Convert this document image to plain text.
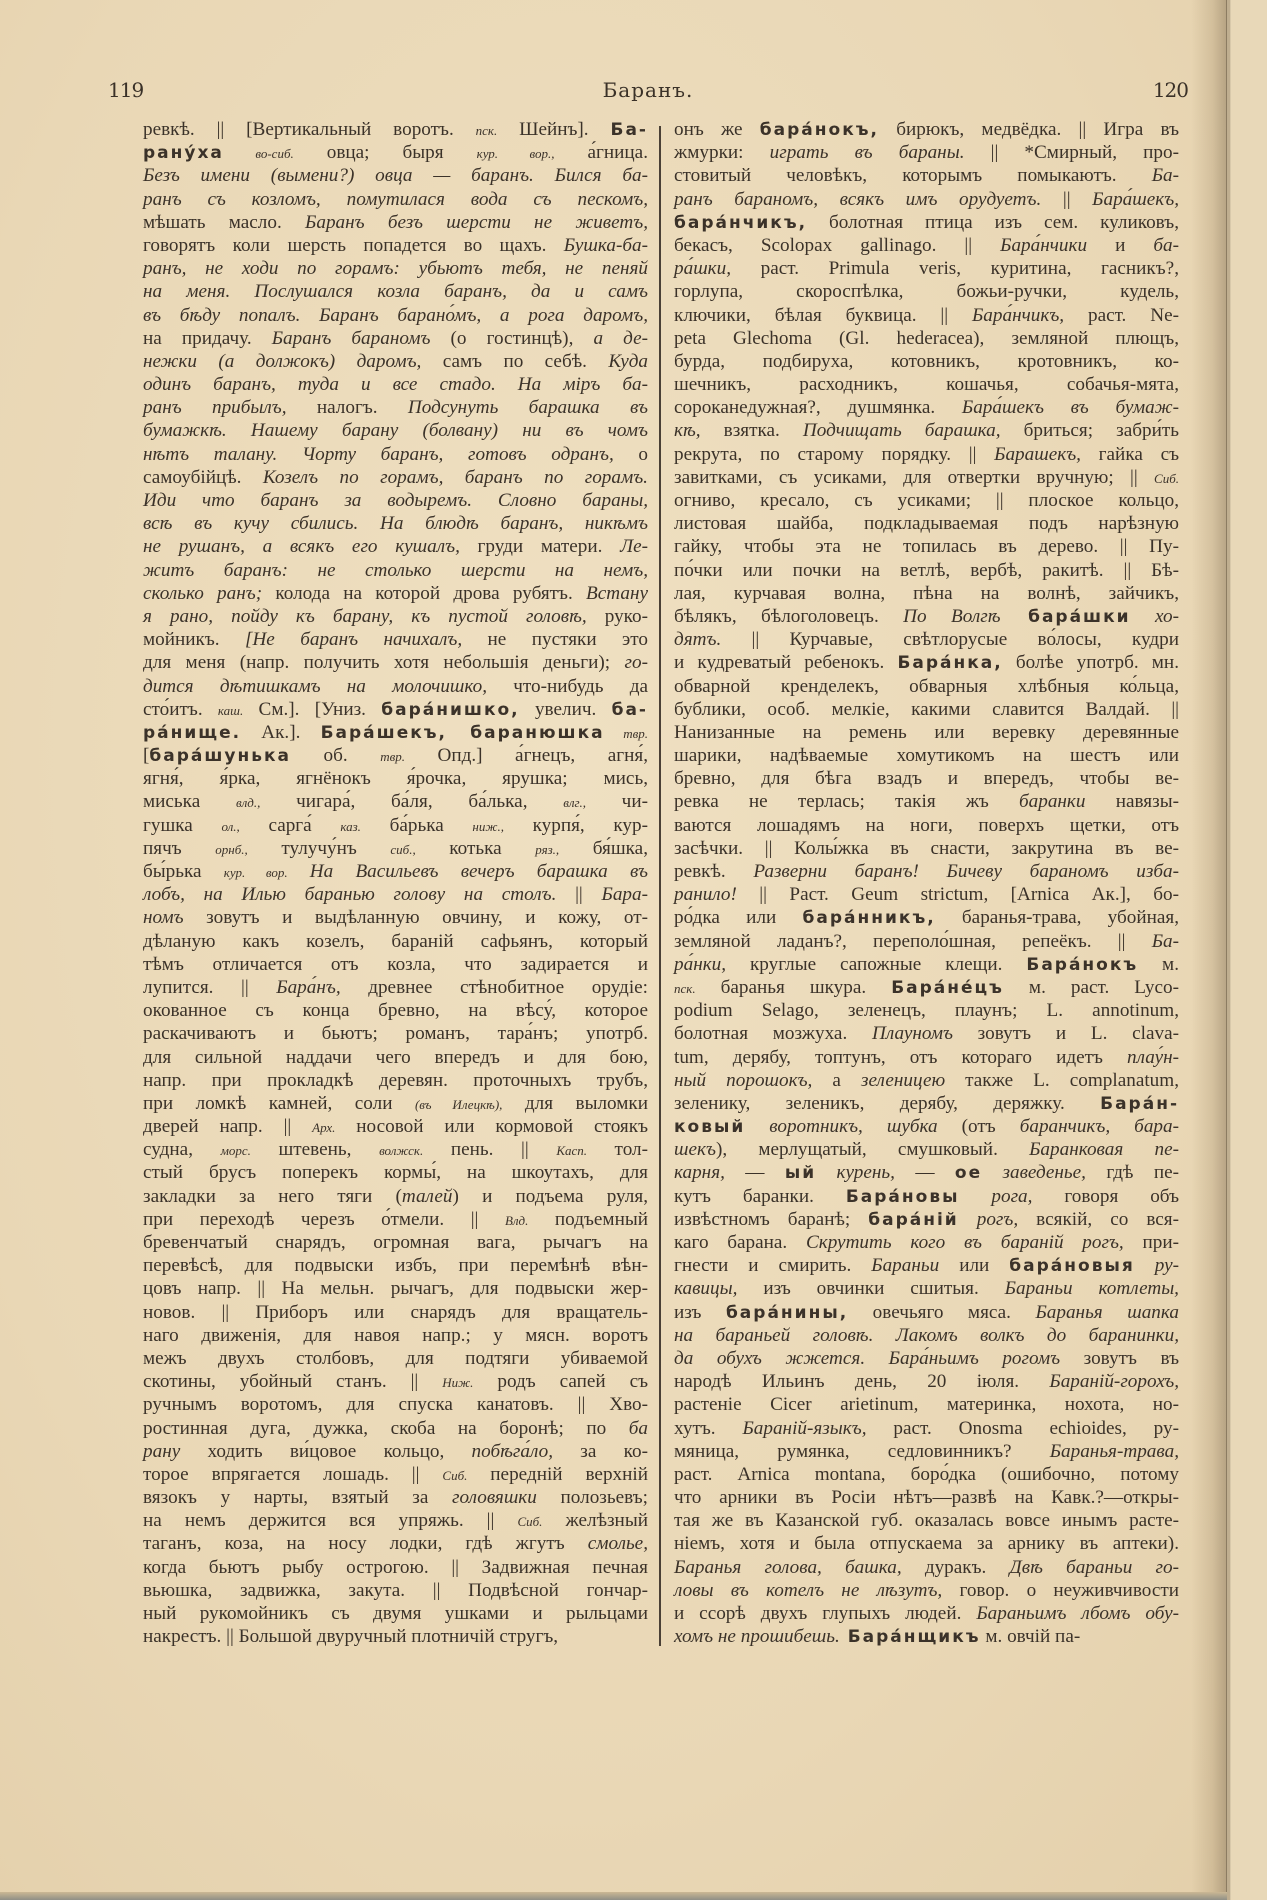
119	Баранъ.	120
ревкѣ. || [Вертикальный воротъ. пск. Шейнъ]. Ба-
рану́ха во-сиб. овца; быря кур. вор., а́гница.
Безъ имени (вымени?) овца — баранъ. Бился ба-
ранъ съ козломъ, помутилася вода съ пескомъ,
мѣшать масло. Баранъ безъ шерсти не живетъ,
говорятъ коли шерсть попадется во щахъ. Бушка-ба-
ранъ, не ходи по горамъ: убьютъ тебя, не пеняй
на меня. Послушался козла баранъ, да и самъ
въ бѣду попалъ. Баранъ барано́мъ, а рога даромъ,
на придачу. Баранъ бараномъ (о гостинцѣ), а де-
нежки (а должокъ) даромъ, самъ по себѣ. Куда
одинъ баранъ, туда и все стадо. На міръ ба-
ранъ прибылъ, налогъ. Подсунуть барашка въ
бумажкѣ. Нашему барану (болвану) ни въ чомъ
нѣтъ талану. Чорту баранъ, готовъ одранъ, о
самоубійцѣ. Козелъ по горамъ, баранъ по горамъ.
Иди что баранъ за водыремъ. Словно бараны,
всѣ въ кучу сбились. На блюдѣ баранъ, никѣмъ
не рушанъ, а всякъ его кушалъ, груди матери. Ле-
житъ баранъ: не столько шерсти на немъ,
сколько ранъ; колода на которой дрова рубятъ. Встану
я рано, пойду къ барану, къ пустой головѣ, руко-
мойникъ. [Не баранъ начихалъ, не пустяки это
для меня (напр. получить хотя небольшія деньги); го-
дится дѣтишкамъ на молочишко, что-нибудь да
сто́итъ. каш. См.]. [Униз. бара́нишко, увелич. ба-
ра́нище. Ак.]. Бара́шекъ, баранюшка твр.
[бара́шунька об. твр. Опд.] а́гнецъ, агня́,
ягня́, я́рка, ягнёнокъ я́рочка, ярушка; мись,
миська влд., чигара́, ба́ля, ба́лька, влг., чи-
гушка ол., сарга́ каз. ба́рька ниж., курпя́, кур-
пячъ орнб., тулучу́нъ сиб., котька ряз., бя́шка,
бы́рька кур. вор. На Васильевъ вечеръ барашка въ
лобъ, на Илью баранью голову на столъ. || Бара-
номъ зовутъ и выдѣланную овчину, и кожу, от-
дѣланую какъ козелъ, бараній сафьянъ, который
тѣмъ отличается отъ козла, что задирается и
лупится. || Бара́нъ, древнее стѣнобитное орудіе:
окованное съ конца бревно, на вѣсу́, которое
раскачиваютъ и бьютъ; романъ, тара́нъ; употрб.
для сильной наддачи чего впередъ и для бою,
напр. при прокладкѣ деревян. проточныхъ трубъ,
при ломкѣ камней, соли (въ Илецкѣ), для выломки
дверей напр. || Арх. носовой или кормовой стоякъ
судна, морс. штевень, волжск. пень. || Касп. тол-
стый брусъ поперекъ кормы́, на шкоутахъ, для
закладки за него тяги (талей) и подъема руля,
при переходѣ черезъ о́тмели. || Влд. подъемный
бревенчатый снарядъ, огромная вага, рычагъ на
перевѣсѣ, для подвыски избъ, при перемѣнѣ вѣн-
цовъ напр. || На мельн. рычагъ, для подвыски жер-
новов. || Приборъ или снарядъ для вращатель-
наго движенія, для навоя напр.; у мясн. воротъ
межъ двухъ столбовъ, для подтяги убиваемой
скотины, убойный станъ. || Ниж. родъ сапей съ
ручнымъ воротомъ, для спуска канатовъ. || Хво-
ростинная дуга, дужка, скоба на боронѣ; по ба
рану ходить ви́цовое кольцо, побѣга́ло, за ко-
торое впрягается лошадь. || Сиб. передній верхній
вязокъ у нарты, взятый за головяшки полозьевъ;
на немъ держится вся упряжь. || Сиб. желѣзный
таганъ, коза, на носу лодки, гдѣ жгутъ смолье,
когда бьютъ рыбу острогою. || Задвижная печная
вьюшка, задвижка, закута. || Подвѣсной гончар-
ный рукомойникъ съ двумя ушками и рыльцами
накрестъ. || Большой двуручный плотничій стругъ,
онъ же бара́нокъ, бирюкъ, медвёдка. || Игра въ
жмурки: играть въ бараны. || *Смирный, про-
стовитый человѣкъ, которымъ помыкаютъ. Ба-
ранъ бараномъ, всякъ имъ орудуетъ. || Бара́шекъ,
бара́нчикъ, болотная птица изъ сем. куликовъ,
бекасъ, Scolopax gallinago. || Бара́нчики и ба-
ра́шки, раст. Primula veris, куритина, гасникъ?,
горлупа, скороспѣлка, божьи-ручки, кудель,
ключики, бѣлая буквица. || Бара́нчикъ, раст. Ne-
peta Glechoma (Gl. hederacea), земляной плющъ,
бурда, подбируха, котовникъ, кротовникъ, ко-
шечникъ, расходникъ, кошачья, собачья-мята,
сороканедужная?, душмянка. Бара́шекъ въ бумаж-
кѣ, взятка. Подчищать барашка, бриться; забри́ть
рекрута, по старому порядку. || Барашекъ, гайка съ
завитками, съ усиками, для отвертки вручную; || Сиб.
огниво, кресало, съ усиками; || плоское кольцо,
листовая шайба, подкладываемая подъ нарѣзную
гайку, чтобы эта не топилась въ дерево. || Пу-
по́чки или почки на ветлѣ, вербѣ, ракитѣ. || Бѣ-
лая, курчавая волна, пѣна на волнѣ, зайчикъ,
бѣлякъ, бѣлоголовецъ. По Волгѣ бара́шки хо-
дятъ. || Курчавые, свѣтлорусые во́лосы, кудри
и кудреватый ребенокъ. Бара́нка, болѣе употрб. мн.
обварной кренделекъ, обварныя хлѣбныя ко́льца,
бублики, особ. мелкіе, какими славится Валдай. ||
Нанизанные на ремень или веревку деревянные
шарики, надѣваемые хомутикомъ на шестъ или
бревно, для бѣга взадъ и впередъ, чтобы ве-
ревка не терлась; такія жъ баранки навязы-
ваются лошадямъ на ноги, поверхъ щетки, отъ
засѣчки. || Колы́жка въ снасти, закрутина въ ве-
ревкѣ. Разверни баранъ! Бичеву бараномъ изба-
ранило! || Раст. Geum strictum, [Arnica Ак.], бо-
ро́дка или бара́нникъ, баранья-трава, убойная,
земляной ладанъ?, переполо́шная, репеёкъ. || Ба-
ра́нки, круглые сапожные клещи. Бара́нокъ м.
пск. баранья шкура. Бара́не́цъ м. раст. Lyco-
podium Selago, зеленецъ, плаунъ; L. annotinum,
болотная мозжуха. Плауномъ зовутъ и L. clava-
tum, дерябу, топтунъ, отъ котораго идетъ плау́н-
ный порошокъ, а зеленицею также L. complanatum,
зеленику, зеленикъ, дерябу, деряжку. Бара́н-
ковый воротникъ, шубка (отъ баранчикъ, бара-
шекъ), мерлущатый, смушковый. Баранковая пе-
карня, — ый курень, — ое заведенье, гдѣ пе-
кутъ баранки. Бара́новы рога, говоря объ
извѣстномъ баранѣ; бара́ній рогъ, всякій, со вся-
каго барана. Скрутить кого въ бараній рогъ, при-
гнести и смирить. Бараньи или бара́новыя ру-
кавицы, изъ овчинки сшитыя. Бараньи котлеты,
изъ бара́нины, овечьяго мяса. Баранья шапка
на бараньей головѣ. Лакомъ волкъ до баранинки,
да обухъ жжется. Бара́ньимъ рогомъ зовутъ въ
народѣ Ильинъ день, 20 іюля. Бараній-горохъ,
растеніе Cicer arietinum, материнка, нохота, но-
хутъ. Бараній-языкъ, раст. Onosma echioides, ру-
мяница, румянка, седловинникъ? Баранья-трава,
раст. Arnica montana, боро́дка (ошибочно, потому
что арники въ Росіи нѣтъ—развѣ на Кавк.?—откры-
тая же въ Казанской губ. оказалась вовсе инымъ расте-
ніемъ, хотя и была отпускаема за арнику въ аптеки).
Баранья голова, башка, дуракъ. Двѣ бараньи го-
ловы въ котелъ не лѣзутъ, говор. о неуживчивости
и ссорѣ двухъ глупыхъ людей. Бараньимъ лбомъ обу-
хомъ не прошибешь. Бара́нщикъ м. овчій па-
